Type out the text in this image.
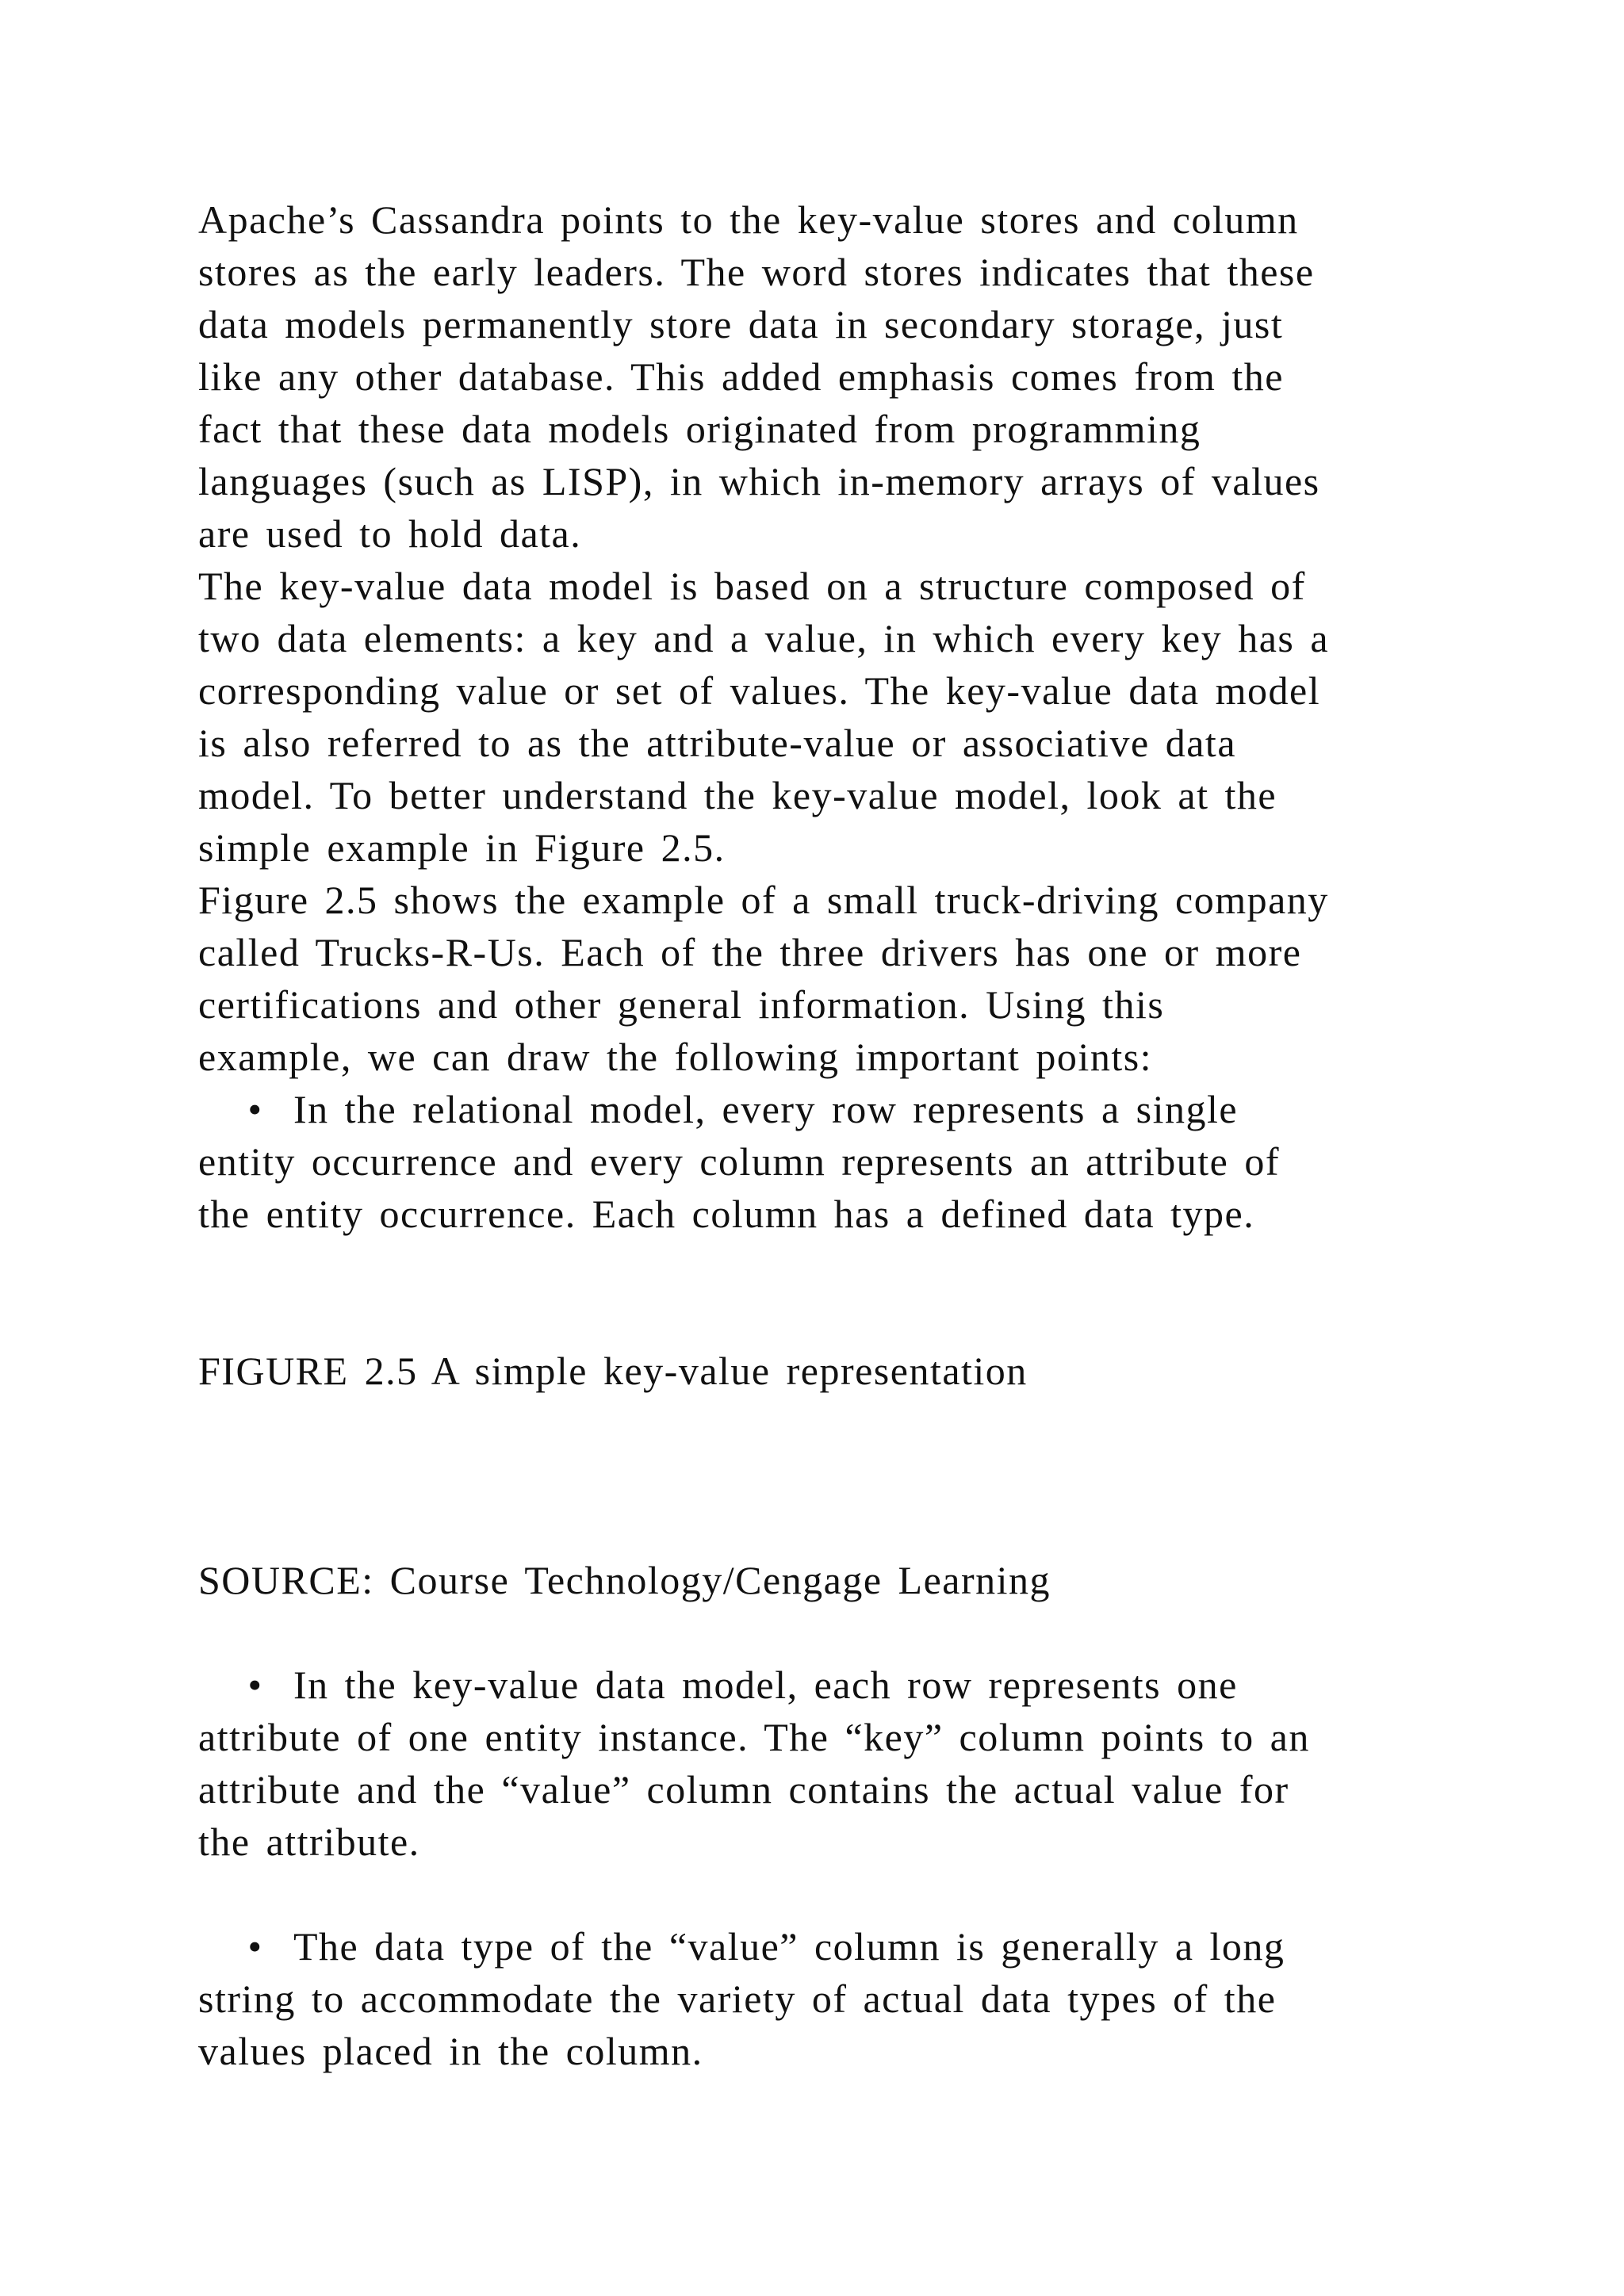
Apache’s Cassandra points to the key-value stores and column
stores as the early leaders. The word stores indicates that these
data models permanently store data in secondary storage, just
like any other database. This added emphasis comes from the
fact that these data models originated from programming
languages (such as LISP), in which in-memory arrays of values
are used to hold data.
The key-value data model is based on a structure composed of
two data elements: a key and a value, in which every key has a
corresponding value or set of values. The key-value data model
is also referred to as the attribute-value or associative data
model. To better understand the key-value model, look at the
simple example in Figure 2.5.
Figure 2.5 shows the example of a small truck-driving company
called Trucks-R-Us. Each of the three drivers has one or more
certifications and other general information. Using this
example, we can draw the following important points:
• In the relational model, every row represents a single
entity occurrence and every column represents an attribute of
the entity occurrence. Each column has a defined data type.
FIGURE 2.5 A simple key-value representation
SOURCE: Course Technology/Cengage Learning
• In the key-value data model, each row represents one
attribute of one entity instance. The “key” column points to an
attribute and the “value” column contains the actual value for
the attribute.
• The data type of the “value” column is generally a long
string to accommodate the variety of actual data types of the
values placed in the column.
